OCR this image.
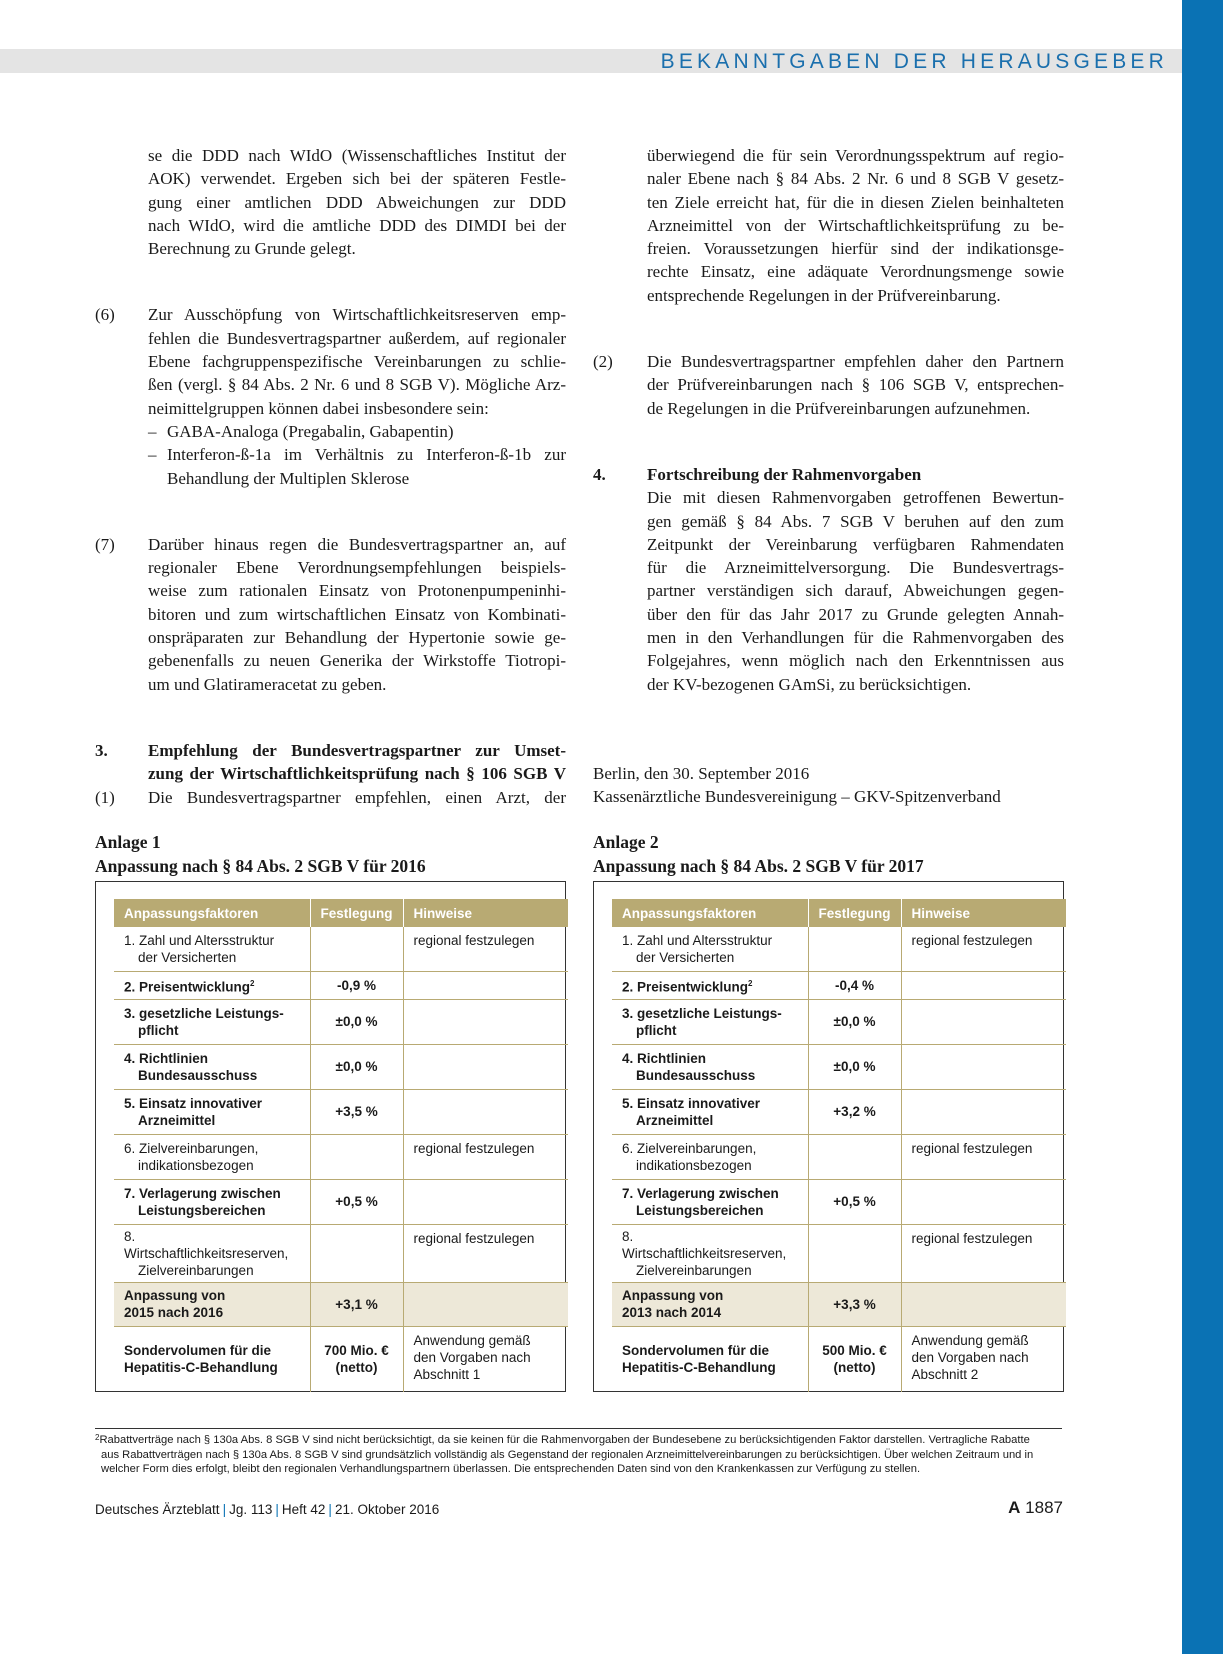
BEKANNTGABEN DER HERAUSGEBER
se die DDD nach WIdO (Wissenschaftliches Institut der
AOK) verwendet. Ergeben sich bei der späteren Festle-
gung einer amtlichen DDD Abweichungen zur DDD
nach WIdO, wird die amtliche DDD des DIMDI bei der
Berechnung zu Grunde gelegt.
(6) Zur Ausschöpfung von Wirtschaftlichkeitsreserven emp-
fehlen die Bundesvertragspartner außerdem, auf regionaler
Ebene fachgruppenspezifische Vereinbarungen zu schlie-
ßen (vergl. § 84 Abs. 2 Nr. 6 und 8 SGB V). Mögliche Arz-
neimittelgruppen können dabei insbesondere sein:
– GABA-Analoga (Pregabalin, Gabapentin)
– Interferon-ß-1a im Verhältnis zu Interferon-ß-1b zur
Behandlung der Multiplen Sklerose
(7) Darüber hinaus regen die Bundesvertragspartner an, auf
regionaler Ebene Verordnungsempfehlungen beispiels-
weise zum rationalen Einsatz von Protonenpumpeninhi-
bitoren und zum wirtschaftlichen Einsatz von Kombinati-
onspräparaten zur Behandlung der Hypertonie sowie ge-
gebenenfalls zu neuen Generika der Wirkstoffe Tiotropi-
um und Glatirameracetat zu geben.
3. Empfehlung der Bundesvertragspartner zur Umset-
zung der Wirtschaftlichkeitsprüfung nach § 106 SGB V
(1) Die Bundesvertragspartner empfehlen, einen Arzt, der
überwiegend die für sein Verordnungsspektrum auf regio-
naler Ebene nach § 84 Abs. 2 Nr. 6 und 8 SGB V gesetz-
ten Ziele erreicht hat, für die in diesen Zielen beinhalteten
Arzneimittel von der Wirtschaftlichkeitsprüfung zu be-
freien. Voraussetzungen hierfür sind der indikationsge-
rechte Einsatz, eine adäquate Verordnungsmenge sowie
entsprechende Regelungen in der Prüfvereinbarung.
(2) Die Bundesvertragspartner empfehlen daher den Partnern
der Prüfvereinbarungen nach § 106 SGB V, entsprechen-
de Regelungen in die Prüfvereinbarungen aufzunehmen.
4. Fortschreibung der Rahmenvorgaben
Die mit diesen Rahmenvorgaben getroffenen Bewertun-
gen gemäß § 84 Abs. 7 SGB V beruhen auf den zum
Zeitpunkt der Vereinbarung verfügbaren Rahmendaten
für die Arzneimittelversorgung. Die Bundesvertrags-
partner verständigen sich darauf, Abweichungen gegen-
über den für das Jahr 2017 zu Grunde gelegten Annah-
men in den Verhandlungen für die Rahmenvorgaben des
Folgejahres, wenn möglich nach den Erkenntnissen aus
der KV-bezogenen GAmSi, zu berücksichtigen.
Berlin, den 30. September 2016
Kassenärztliche Bundesvereinigung – GKV-Spitzenverband
Anlage 1
Anpassung nach § 84 Abs. 2 SGB V für 2016
Anpassungsfaktoren	Festlegung	Hinweise
1. Zahl und Altersstruktur
der Versicherten		regional festzulegen
2. Preisentwicklung$^2$	-0,9 %	
3. gesetzliche Leistungs-
pflicht	±0,0 %	
4. Richtlinien
Bundesausschuss	±0,0 %	
5. Einsatz innovativer
Arzneimittel	+3,5 %	
6. Zielvereinbarungen,
indikationsbezogen		regional festzulegen
7. Verlagerung zwischen
Leistungsbereichen	+0,5 %	
8. Wirtschaftlichkeitsreserven,
Zielvereinbarungen		regional festzulegen
Anpassung von
2015 nach 2016	+3,1 %	
Sondervolumen für die
Hepatitis-C-Behandlung	700 Mio. €
(netto)	Anwendung gemäß
den Vorgaben nach
Abschnitt 1
Anlage 2
Anpassung nach § 84 Abs. 2 SGB V für 2017
Anpassungsfaktoren	Festlegung	Hinweise
1. Zahl und Altersstruktur
der Versicherten		regional festzulegen
2. Preisentwicklung$^2$	-0,4 %	
3. gesetzliche Leistungs-
pflicht	±0,0 %	
4. Richtlinien
Bundesausschuss	±0,0 %	
5. Einsatz innovativer
Arzneimittel	+3,2 %	
6. Zielvereinbarungen,
indikationsbezogen		regional festzulegen
7. Verlagerung zwischen
Leistungsbereichen	+0,5 %	
8. Wirtschaftlichkeitsreserven,
Zielvereinbarungen		regional festzulegen
Anpassung von
2013 nach 2014	+3,3 %	
Sondervolumen für die
Hepatitis-C-Behandlung	500 Mio. €
(netto)	Anwendung gemäß
den Vorgaben nach
Abschnitt 2
$^2$Rabattverträge nach § 130a Abs. 8 SGB V sind nicht berücksichtigt, da sie keinen für die Rahmenvorgaben der Bundesebene zu berücksichtigenden Faktor darstellen. Vertragliche Rabatte
aus Rabattverträgen nach § 130a Abs. 8 SGB V sind grundsätzlich vollständig als Gegenstand der regionalen Arzneimittelvereinbarungen zu berücksichtigen. Über welchen Zeitraum und in
welcher Form dies erfolgt, bleibt den regionalen Verhandlungspartnern überlassen. Die entsprechenden Daten sind von den Krankenkassen zur Verfügung zu stellen.
Deutsches Ärzteblatt | Jg. 113 | Heft 42 | 21. Oktober 2016	A 1887
